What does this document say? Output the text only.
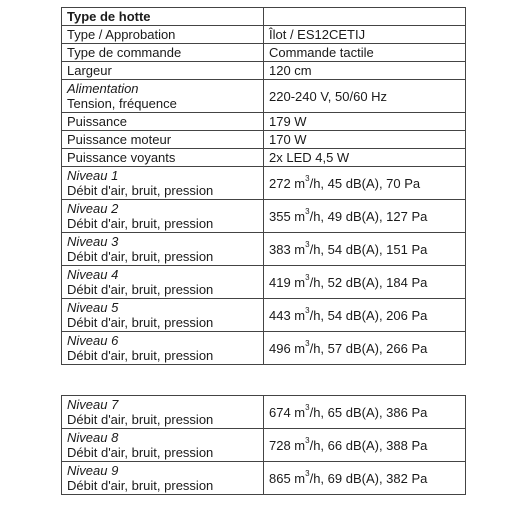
Type de hotte	
Type / Approbation	Îlot / ES12CETIJ
Type de commande	Commande tactile
Largeur	120 cm

Alimentation
Tension, fréquence	220-240 V, 50/60 Hz
Puissance	179 W
Puissance moteur	170 W
Puissance voyants	2x LED 4,5 W

Niveau 1
Débit d'air, bruit, pression	272 $m^3/h$, 45 dB(A), 70 Pa

Niveau 2
Débit d'air, bruit, pression	355 $m^3/h$, 49 dB(A), 127 Pa

Niveau 3
Débit d'air, bruit, pression	383 $m^3/h$, 54 dB(A), 151 Pa

Niveau 4
Débit d'air, bruit, pression	419 $m^3/h$, 52 dB(A), 184 Pa

Niveau 5
Débit d'air, bruit, pression	443 $m^3/h$, 54 dB(A), 206 Pa

Niveau 6
Débit d'air, bruit, pression	496 $m^3/h$, 57 dB(A), 266 Pa
Niveau 7
Débit d'air, bruit, pression	674 $m^3/h$, 65 dB(A), 386 Pa

Niveau 8
Débit d'air, bruit, pression	728 $m^3/h$, 66 dB(A), 388 Pa

Niveau 9
Débit d'air, bruit, pression	865 $m^3/h$, 69 dB(A), 382 Pa
